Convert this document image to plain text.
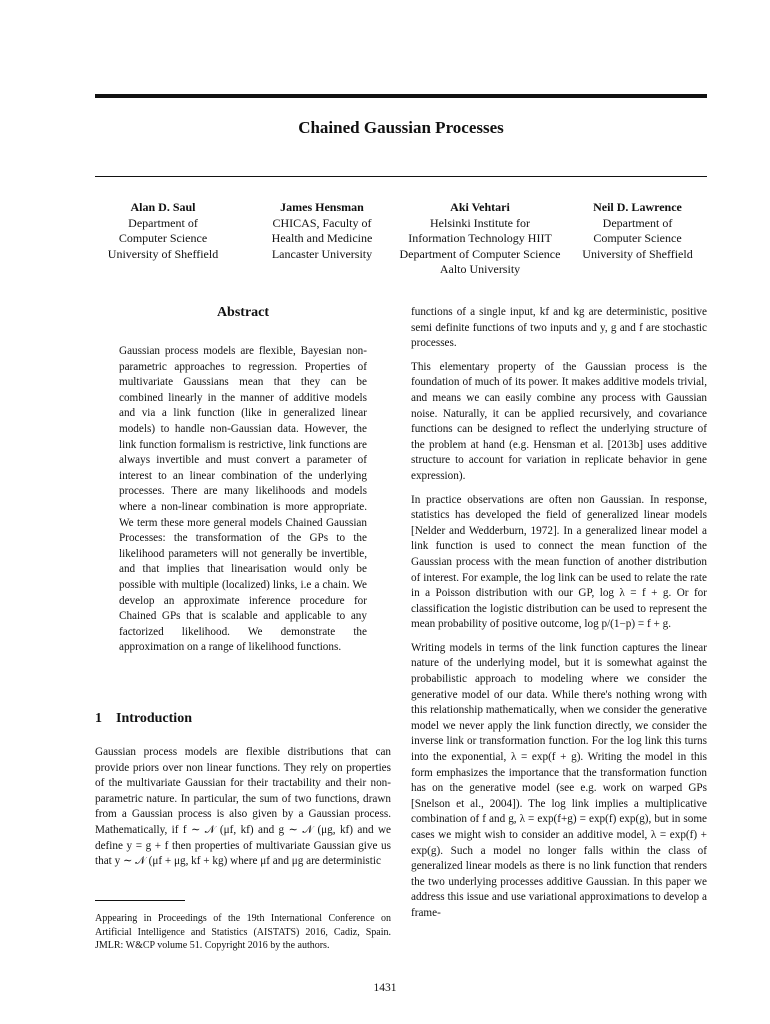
Chained Gaussian Processes
Alan D. Saul
Department of
Computer Science
University of Sheffield
James Hensman
CHICAS, Faculty of
Health and Medicine
Lancaster University
Aki Vehtari
Helsinki Institute for
Information Technology HIIT
Department of Computer Science
Aalto University
Neil D. Lawrence
Department of
Computer Science
University of Sheffield
Abstract

Gaussian process models are flexible, Bayesian non-parametric approaches to regression. Properties of multivariate Gaussians mean that they can be combined linearly in the manner of additive models and via a link function (like in generalized linear models) to handle non-Gaussian data. However, the link function formalism is restrictive, link functions are always invertible and must convert a parameter of interest to an linear combination of the underlying processes. There are many likelihoods and models where a non-linear combination is more appropriate. We term these more general models Chained Gaussian Processes: the transformation of the GPs to the likelihood parameters will not generally be invertible, and that implies that linearisation would only be possible with multiple (localized) links, i.e a chain. We develop an approximate inference procedure for Chained GPs that is scalable and applicable to any factorized likelihood. We demonstrate the approximation on a range of likelihood functions.

1 Introduction

Gaussian process models are flexible distributions that can provide priors over non linear functions. They rely on properties of the multivariate Gaussian for their tractability and their non-parametric nature. In particular, the sum of two functions, drawn from a Gaussian process is also given by a Gaussian process. Mathematically, if f ∼ 𝒩 (μf, kf) and g ∼ 𝒩 (μg, kf) and we define y = g + f then properties of multivariate Gaussian give us that y ∼ 𝒩 (μf + μg, kf + kg) where μf and μg are deterministic

Appearing in Proceedings of the 19th International Conference on Artificial Intelligence and Statistics (AISTATS) 2016, Cadiz, Spain. JMLR: W&CP volume 51. Copyright 2016 by the authors.

functions of a single input, kf and kg are deterministic, positive semi definite functions of two inputs and y, g and f are stochastic processes.

This elementary property of the Gaussian process is the foundation of much of its power. It makes additive models trivial, and means we can easily combine any process with Gaussian noise. Naturally, it can be applied recursively, and covariance functions can be designed to reflect the underlying structure of the problem at hand (e.g. Hensman et al. [2013b] uses additive structure to account for variation in replicate behavior in gene expression).

In practice observations are often non Gaussian. In response, statistics has developed the field of generalized linear models [Nelder and Wedderburn, 1972]. In a generalized linear model a link function is used to connect the mean function of the Gaussian process with the mean function of another distribution of interest. For example, the log link can be used to relate the rate in a Poisson distribution with our GP, log λ = f + g. Or for classification the logistic distribution can be used to represent the mean probability of positive outcome, log p/(1−p) = f + g.

Writing models in terms of the link function captures the linear nature of the underlying model, but it is somewhat against the probabilistic approach to modeling where we consider the generative model of our data. While there's nothing wrong with this relationship mathematically, when we consider the generative model we never apply the link function directly, we consider the inverse link or transformation function. For the log link this turns into the exponential, λ = exp(f + g). Writing the model in this form emphasizes the importance that the transformation function has on the generative model (see e.g. work on warped GPs [Snelson et al., 2004]). The log link implies a multiplicative combination of f and g, λ = exp(f+g) = exp(f) exp(g), but in some cases we might wish to consider an additive model, λ = exp(f) + exp(g). Such a model no longer falls within the class of generalized linear models as there is no link function that renders the two underlying processes additive Gaussian. In this paper we address this issue and use variational approximations to develop a frame-

1431
